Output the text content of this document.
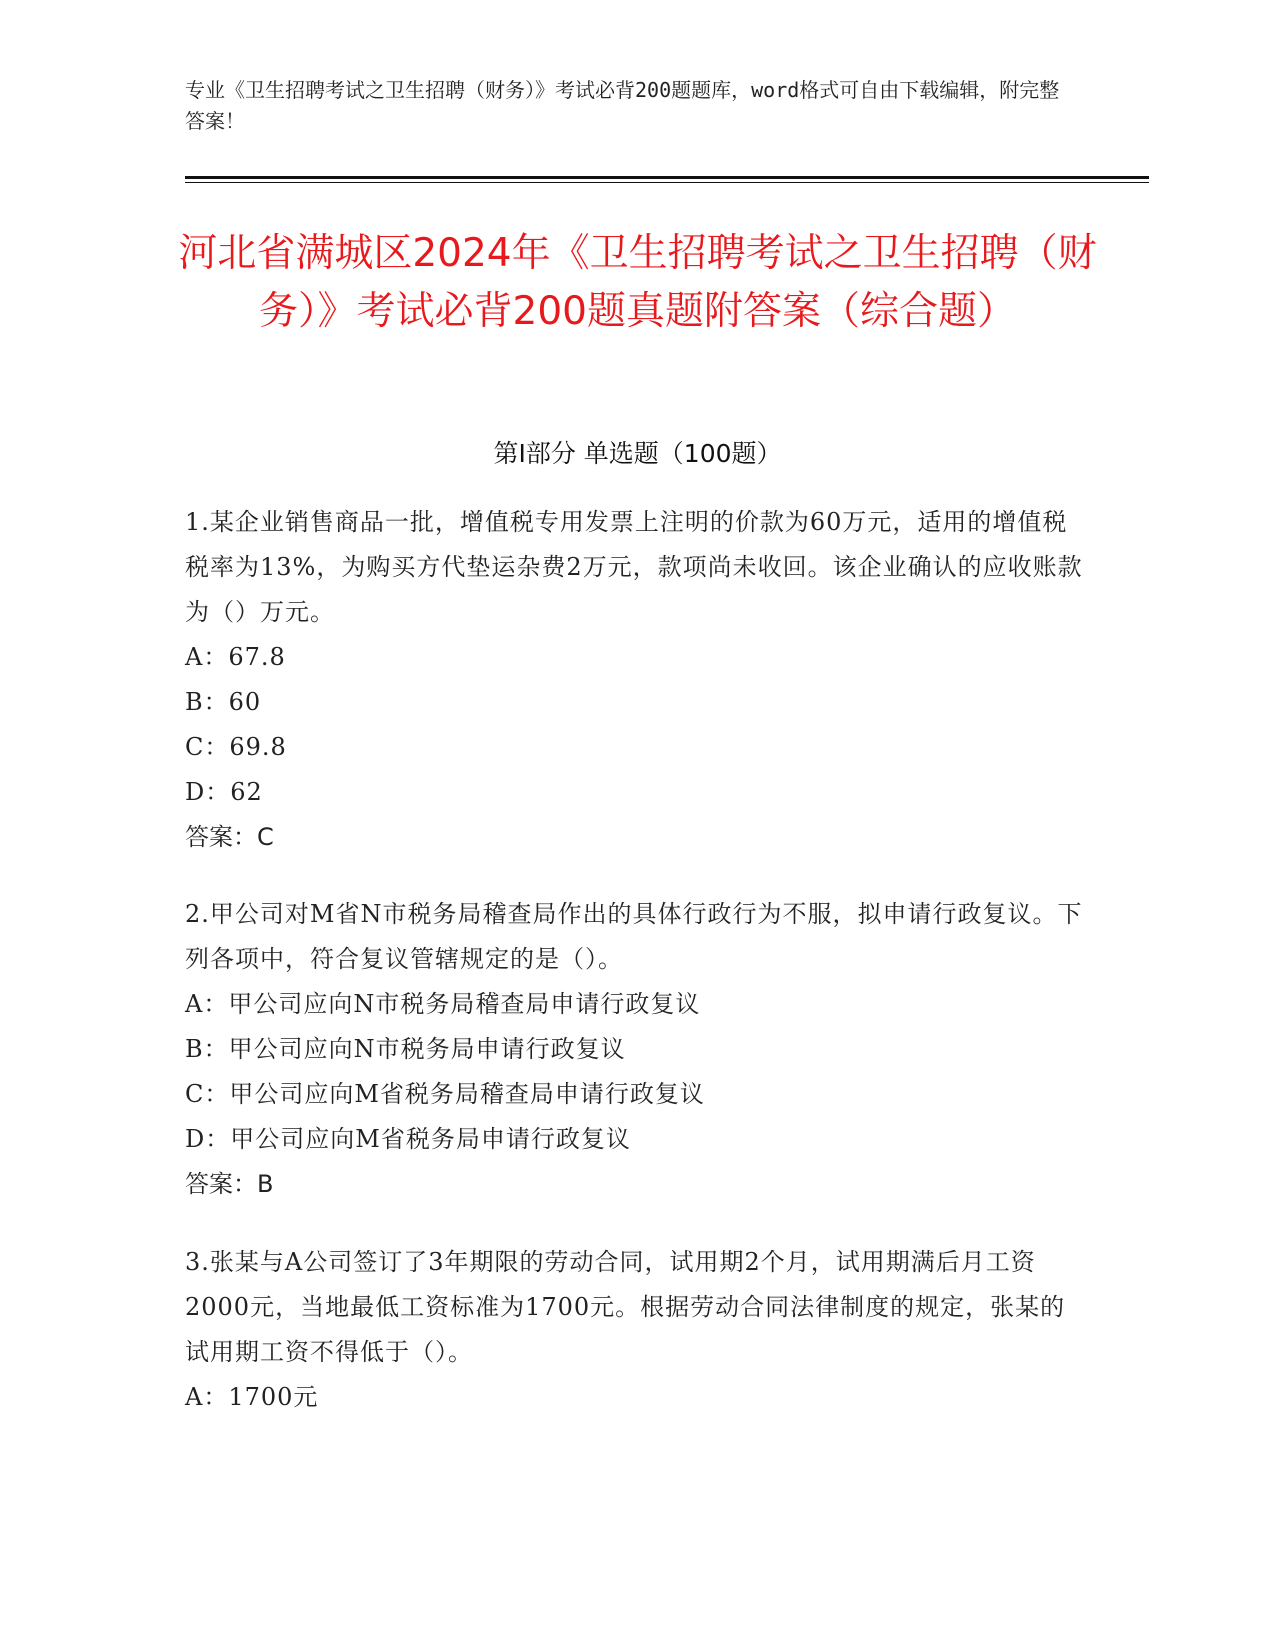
专业《卫生招聘考试之卫生招聘（财务）》考试必背200题题库，word格式可自由下载编辑，附完整答案！
河北省满城区2024年《卫生招聘考试之卫生招聘（财务）》考试必背200题真题附答案（综合题）
第I部分 单选题（100题）
1.某企业销售商品一批，增值税专用发票上注明的价款为60万元，适用的增值税税率为13%，为购买方代垫运杂费2万元，款项尚未收回。该企业确认的应收账款为（）万元。
A：67.8
B：60
C：69.8
D：62
答案：C
2.甲公司对M省N市税务局稽查局作出的具体行政行为不服，拟申请行政复议。下列各项中，符合复议管辖规定的是（）。
A：甲公司应向N市税务局稽查局申请行政复议
B：甲公司应向N市税务局申请行政复议
C：甲公司应向M省税务局稽查局申请行政复议
D：甲公司应向M省税务局申请行政复议
答案：B
3.张某与A公司签订了3年期限的劳动合同，试用期2个月，试用期满后月工资2000元，当地最低工资标准为1700元。根据劳动合同法律制度的规定，张某的试用期工资不得低于（）。
A：1700元
